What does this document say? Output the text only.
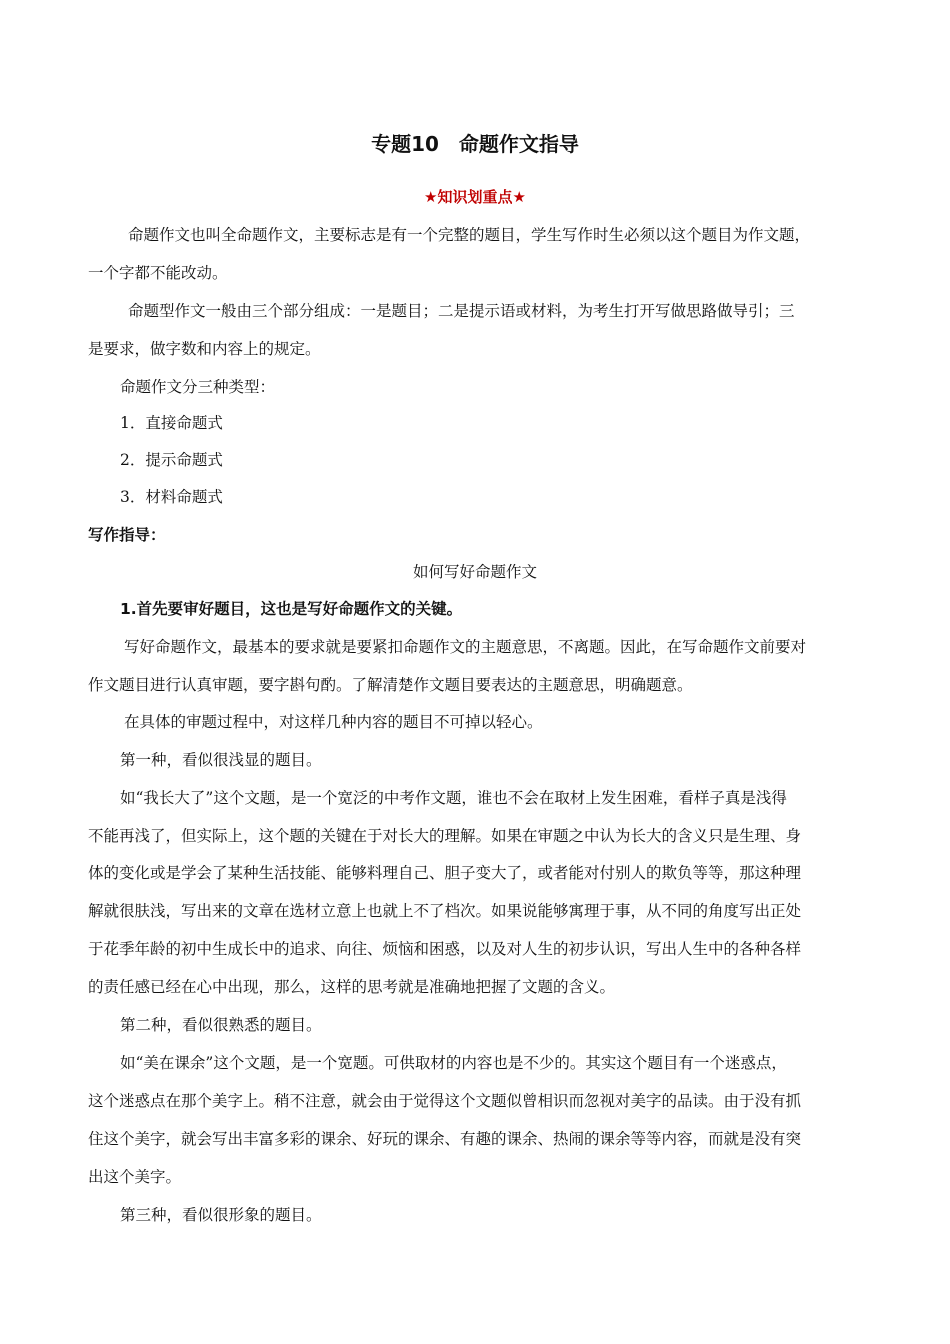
专题10　命题作文指导
★知识划重点★
命题作文也叫全命题作文，主要标志是有一个完整的题目，学生写作时生必须以这个题目为作文题，
一个字都不能改动。
命题型作文一般由三个部分组成：一是题目；二是提示语或材料，为考生打开写做思路做导引；三
是要求，做字数和内容上的规定。
命题作文分三种类型：
1．直接命题式
2．提示命题式
3．材料命题式
写作指导：
如何写好命题作文
1.首先要审好题目，这也是写好命题作文的关键。
写好命题作文，最基本的要求就是要紧扣命题作文的主题意思，不离题。因此，在写命题作文前要对
作文题目进行认真审题，要字斟句酌。了解清楚作文题目要表达的主题意思，明确题意。
在具体的审题过程中，对这样几种内容的题目不可掉以轻心。
第一种，看似很浅显的题目。
如“我长大了”这个文题，是一个宽泛的中考作文题，谁也不会在取材上发生困难，看样子真是浅得
不能再浅了，但实际上，这个题的关键在于对长大的理解。如果在审题之中认为长大的含义只是生理、身
体的变化或是学会了某种生活技能、能够料理自己、胆子变大了，或者能对付别人的欺负等等，那这种理
解就很肤浅，写出来的文章在选材立意上也就上不了档次。如果说能够寓理于事，从不同的角度写出正处
于花季年龄的初中生成长中的追求、向往、烦恼和困惑，以及对人生的初步认识，写出人生中的各种各样
的责任感已经在心中出现，那么，这样的思考就是准确地把握了文题的含义。
第二种，看似很熟悉的题目。
如“美在课余”这个文题，是一个宽题。可供取材的内容也是不少的。其实这个题目有一个迷惑点，
这个迷惑点在那个美字上。稍不注意，就会由于觉得这个文题似曾相识而忽视对美字的品读。由于没有抓
住这个美字，就会写出丰富多彩的课余、好玩的课余、有趣的课余、热闹的课余等等内容，而就是没有突
出这个美字。
第三种，看似很形象的题目。
